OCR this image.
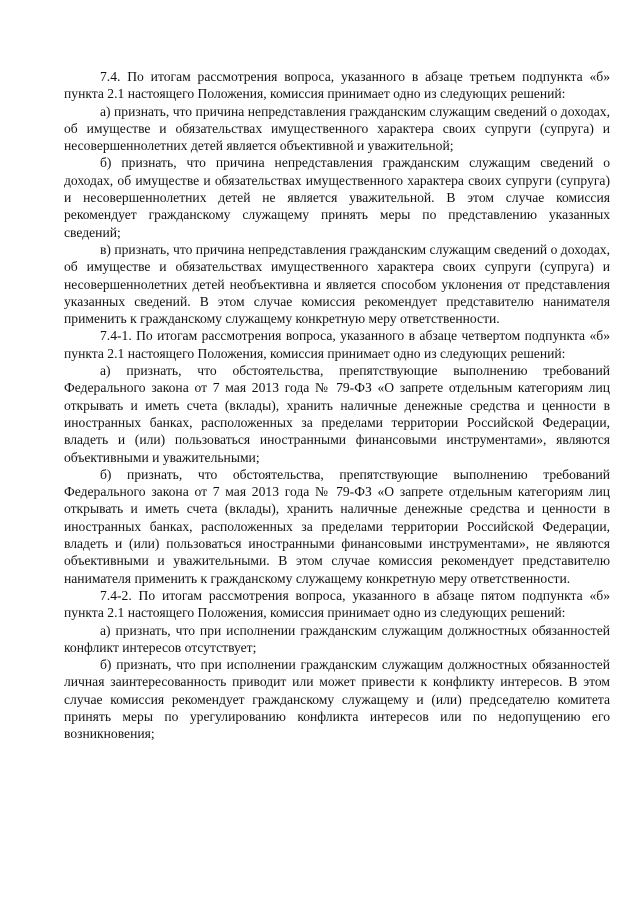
7.4. По итогам рассмотрения вопроса, указанного в абзаце третьем подпункта «б» пункта 2.1 настоящего Положения, комиссия принимает одно из следующих решений:

а) признать, что причина непредставления гражданским служащим сведений о доходах, об имуществе и обязательствах имущественного характера своих супруги (супруга) и несовершеннолетних детей является объективной и уважительной;

б) признать, что причина непредставления гражданским служащим сведений о доходах, об имуществе и обязательствах имущественного характера своих супруги (супруга) и несовершеннолетних детей не является уважительной. В этом случае комиссия рекомендует гражданскому служащему принять меры по представлению указанных сведений;

в) признать, что причина непредставления гражданским служащим сведений о доходах, об имуществе и обязательствах имущественного характера своих супруги (супруга) и несовершеннолетних детей необъективна и является способом уклонения от представления указанных сведений. В этом случае комиссия рекомендует представителю нанимателя применить к гражданскому служащему конкретную меру ответственности.

7.4-1. По итогам рассмотрения вопроса, указанного в абзаце четвертом подпункта «б» пункта 2.1 настоящего Положения, комиссия принимает одно из следующих решений:

а) признать, что обстоятельства, препятствующие выполнению требований Федерального закона от 7 мая 2013 года № 79-ФЗ «О запрете отдельным категориям лиц открывать и иметь счета (вклады), хранить наличные денежные средства и ценности в иностранных банках, расположенных за пределами территории Российской Федерации, владеть и (или) пользоваться иностранными финансовыми инструментами», являются объективными и уважительными;

б) признать, что обстоятельства, препятствующие выполнению требований Федерального закона от 7 мая 2013 года № 79-ФЗ «О запрете отдельным категориям лиц открывать и иметь счета (вклады), хранить наличные денежные средства и ценности в иностранных банках, расположенных за пределами территории Российской Федерации, владеть и (или) пользоваться иностранными финансовыми инструментами», не являются объективными и уважительными. В этом случае комиссия рекомендует представителю нанимателя применить к гражданскому служащему конкретную меру ответственности.

7.4-2. По итогам рассмотрения вопроса, указанного в абзаце пятом подпункта «б» пункта 2.1 настоящего Положения, комиссия принимает одно из следующих решений:

а) признать, что при исполнении гражданским служащим должностных обязанностей конфликт интересов отсутствует;

б) признать, что при исполнении гражданским служащим должностных обязанностей личная заинтересованность приводит или может привести к конфликту интересов. В этом случае комиссия рекомендует гражданскому служащему и (или) председателю комитета принять меры по урегулированию конфликта интересов или по недопущению его возникновения;
